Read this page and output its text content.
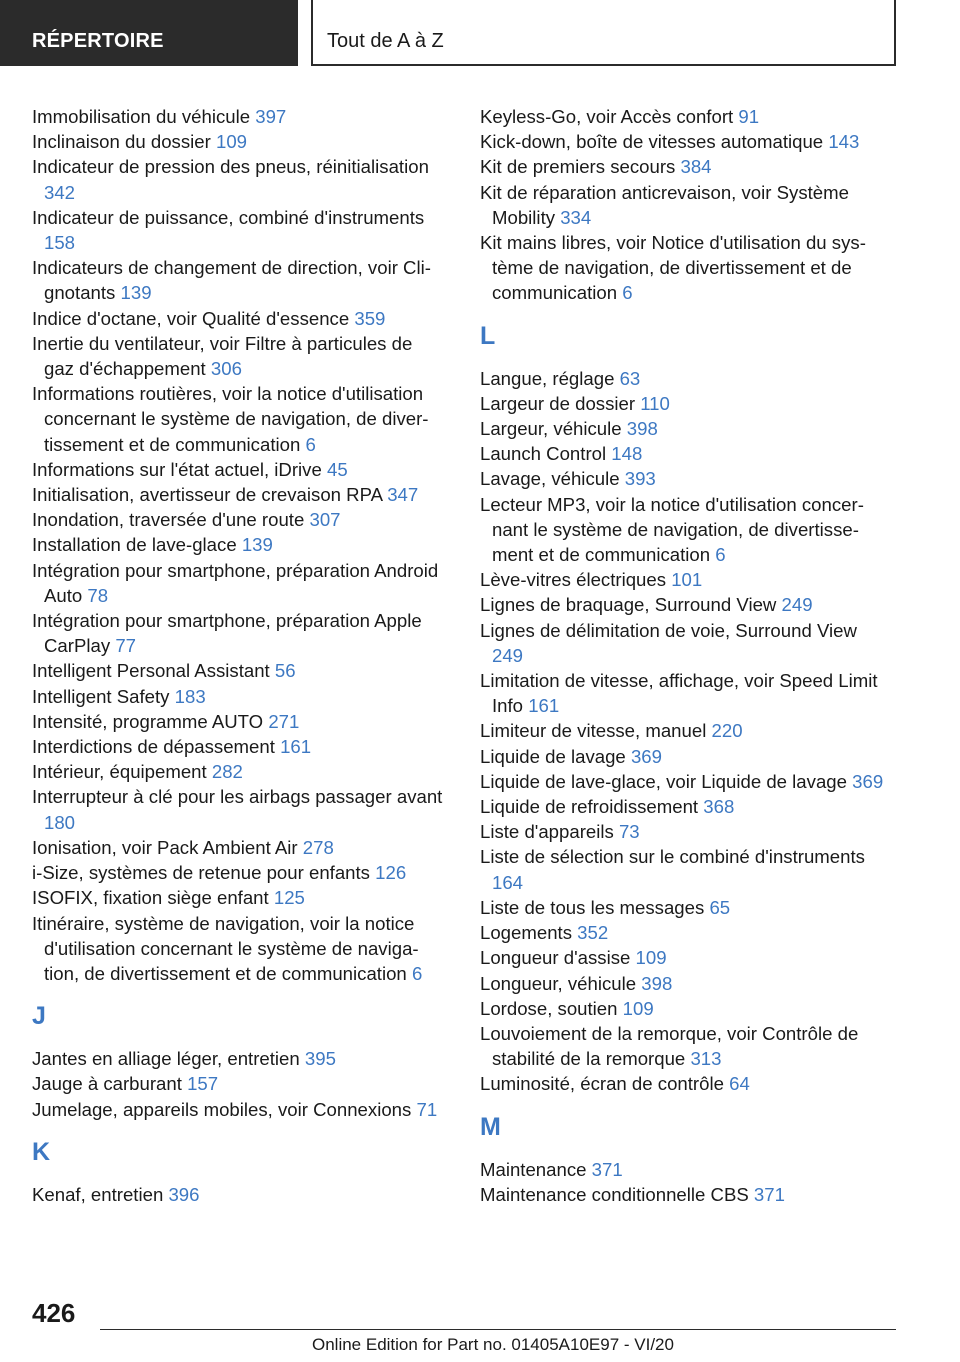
RÉPERTOIRE	Tout de A à Z
Immobilisation du véhicule 397
Inclinaison du dossier 109
Indicateur de pression des pneus, réinitialisation 342
Indicateur de puissance, combiné d'instruments 158
Indicateurs de changement de direction, voir Clignotants 139
Indice d'octane, voir Qualité d'essence 359
Inertie du ventilateur, voir Filtre à particules de gaz d'échappement 306
Informations routières, voir la notice d'utilisation concernant le système de navigation, de divertissement et de communication 6
Informations sur l'état actuel, iDrive 45
Initialisation, avertisseur de crevaison RPA 347
Inondation, traversée d'une route 307
Installation de lave-glace 139
Intégration pour smartphone, préparation Android Auto 78
Intégration pour smartphone, préparation Apple CarPlay 77
Intelligent Personal Assistant 56
Intelligent Safety 183
Intensité, programme AUTO 271
Interdictions de dépassement 161
Intérieur, équipement 282
Interrupteur à clé pour les airbags passager avant 180
Ionisation, voir Pack Ambient Air 278
i-Size, systèmes de retenue pour enfants 126
ISOFIX, fixation siège enfant 125
Itinéraire, système de navigation, voir la notice d'utilisation concernant le système de navigation, de divertissement et de communication 6
J
Jantes en alliage léger, entretien 395
Jauge à carburant 157
Jumelage, appareils mobiles, voir Connexions 71
K
Kenaf, entretien 396
Keyless-Go, voir Accès confort 91
Kick-down, boîte de vitesses automatique 143
Kit de premiers secours 384
Kit de réparation anticrevaison, voir Système Mobility 334
Kit mains libres, voir Notice d'utilisation du système de navigation, de divertissement et de communication 6
L
Langue, réglage 63
Largeur de dossier 110
Largeur, véhicule 398
Launch Control 148
Lavage, véhicule 393
Lecteur MP3, voir la notice d'utilisation concernant le système de navigation, de divertissement et de communication 6
Lève-vitres électriques 101
Lignes de braquage, Surround View 249
Lignes de délimitation de voie, Surround View 249
Limitation de vitesse, affichage, voir Speed Limit Info 161
Limiteur de vitesse, manuel 220
Liquide de lavage 369
Liquide de lave-glace, voir Liquide de lavage 369
Liquide de refroidissement 368
Liste d'appareils 73
Liste de sélection sur le combiné d'instruments 164
Liste de tous les messages 65
Logements 352
Longueur d'assise 109
Longueur, véhicule 398
Lordose, soutien 109
Louvoiement de la remorque, voir Contrôle de stabilité de la remorque 313
Luminosité, écran de contrôle 64
M
Maintenance 371
Maintenance conditionnelle CBS 371
426
Online Edition for Part no. 01405A10E97 - VI/20
